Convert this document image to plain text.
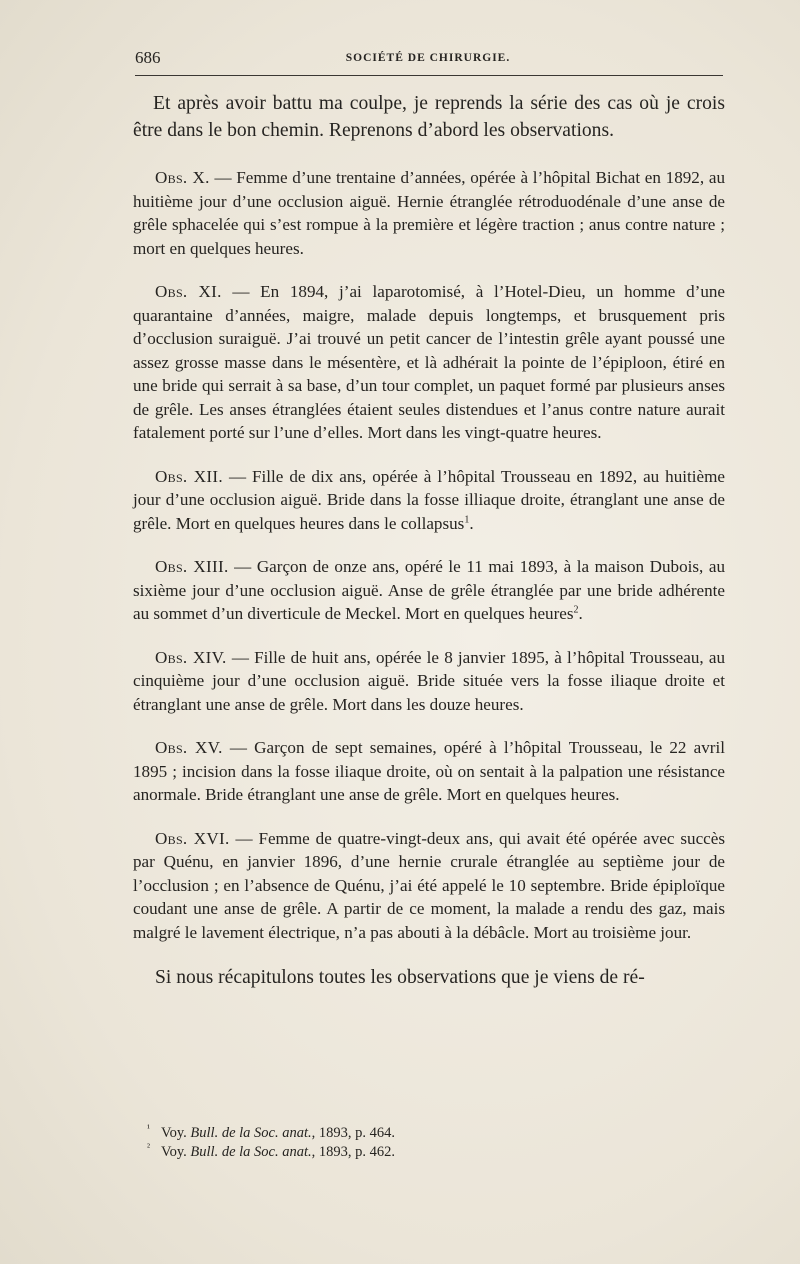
686	SOCIÉTÉ DE CHIRURGIE.

Et après avoir battu ma coulpe, je reprends la série des cas où je crois être dans le bon chemin. Reprenons d’abord les observations.

Obs. X. — Femme d’une trentaine d’années, opérée à l’hôpital Bichat en 1892, au huitième jour d’une occlusion aiguë. Hernie étranglée rétroduodénale d’une anse de grêle sphacelée qui s’est rompue à la première et légère traction ; anus contre nature ; mort en quelques heures.

Obs. XI. — En 1894, j’ai laparotomisé, à l’Hotel-Dieu, un homme d’une quarantaine d’années, maigre, malade depuis longtemps, et brusquement pris d’occlusion suraiguë. J’ai trouvé un petit cancer de l’intestin grêle ayant poussé une assez grosse masse dans le mésentère, et là adhérait la pointe de l’épiploon, étiré en une bride qui serrait à sa base, d’un tour complet, un paquet formé par plusieurs anses de grêle. Les anses étranglées étaient seules distendues et l’anus contre nature aurait fatalement porté sur l’une d’elles. Mort dans les vingt-quatre heures.

Obs. XII. — Fille de dix ans, opérée à l’hôpital Trousseau en 1892, au huitième jour d’une occlusion aiguë. Bride dans la fosse illiaque droite, étranglant une anse de grêle. Mort en quelques heures dans le collapsus$^1$.

Obs. XIII. — Garçon de onze ans, opéré le 11 mai 1893, à la maison Dubois, au sixième jour d’une occlusion aiguë. Anse de grêle étranglée par une bride adhérente au sommet d’un diverticule de Meckel. Mort en quelques heures$^2$.

Obs. XIV. — Fille de huit ans, opérée le 8 janvier 1895, à l’hôpital Trousseau, au cinquième jour d’une occlusion aiguë. Bride située vers la fosse iliaque droite et étranglant une anse de grêle. Mort dans les douze heures.

Obs. XV. — Garçon de sept semaines, opéré à l’hôpital Trousseau, le 22 avril 1895 ; incision dans la fosse iliaque droite, où on sentait à la palpation une résistance anormale. Bride étranglant une anse de grêle. Mort en quelques heures.

Obs. XVI. — Femme de quatre-vingt-deux ans, qui avait été opérée avec succès par Quénu, en janvier 1896, d’une hernie crurale étranglée au septième jour de l’occlusion ; en l’absence de Quénu, j’ai été appelé le 10 septembre. Bride épiploïque coudant une anse de grêle. A partir de ce moment, la malade a rendu des gaz, mais malgré le lavement électrique, n’a pas abouti à la débâcle. Mort au troisième jour.

Si nous récapitulons toutes les observations que je viens de ré-

¹ Voy. Bull. de la Soc. anat., 1893, p. 464.

² Voy. Bull. de la Soc. anat., 1893, p. 462.
